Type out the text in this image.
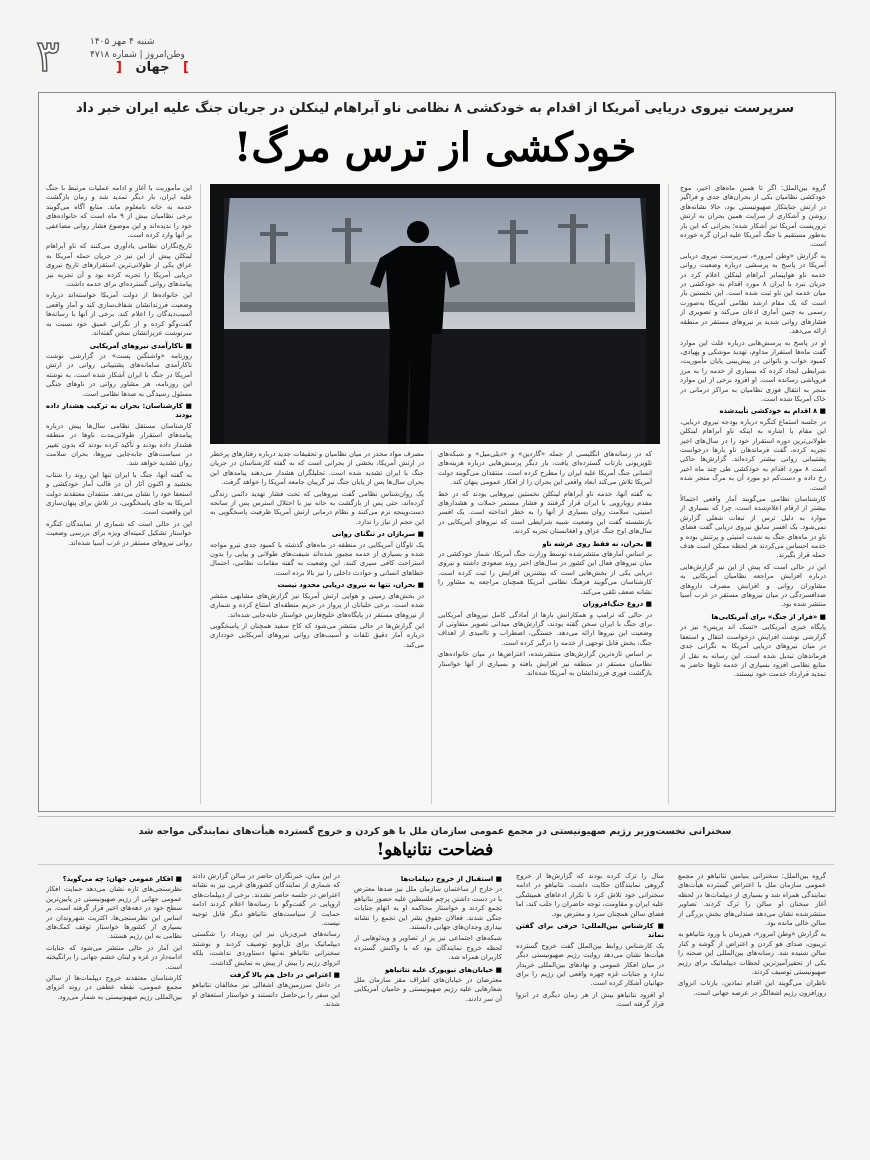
۳	شنبه ۴ مهر ۱۴۰۵
وطن‌امروز | شماره ۴۷۱۸
]   جهان   [
سرپرست نیروی دریایی آمریکا از اقدام به خودکشی ۸ نظامی ناو آبراهام لینکلن در جریان جنگ علیه ایران خبر داد
خودکشی از ترس مرگ!

گروه بین‌الملل: اگر تا همین ماه‌های اخیر، موج خودکشی نظامیان یکی از بحران‌های جدی و فراگیر در ارتش جنایتکار صهیونیستی بود، حالا نشانه‌های روشن و آشکاری از سرایت همین بحران به ارتش تروریست آمریکا نیز آشکار شده؛ بحرانی که این بار به‌طور مستقیم با جنگ آمریکا علیه ایران گره خورده است.

به گزارش «وطن امروز»، سرپرست نیروی دریایی آمریکا در پاسخ به پرسشی درباره وضعیت روانی خدمه ناو هواپیمابر آبراهام لینکلن اعلام کرد در جریان نبرد با ایران ۸ مورد اقدام به خودکشی در میان خدمه این ناو ثبت شده است. این نخستین بار است که یک مقام ارشد نظامی آمریکا به‌صورت رسمی به چنین آماری اذعان می‌کند و تصویری از فشارهای روانی شدید بر نیروهای مستقر در منطقه ارائه می‌دهد.

او در پاسخ به پرسش‌هایی درباره علت این موارد گفت ماه‌ها استقرار مداوم، تهدید موشکی و پهپادی، کمبود خواب و ناتوانی در پیش‌بینی پایان مأموریت، شرایطی ایجاد کرده که بسیاری از خدمه را به مرز فروپاشی رسانده است. او افزود برخی از این موارد منجر به انتقال فوری نظامیان به مراکز درمانی در خاک آمریکا شده است.

■ ۸ اقدام به خودکشی تأییدشده

در جلسه استماع کنگره درباره بودجه نیروی دریایی، این مقام با اشاره به اینکه ناو آبراهام لینکلن طولانی‌ترین دوره استقرار خود را در سال‌های اخیر تجربه کرده، گفت فرماندهان ناو بارها درخواست پشتیبانی روانی بیشتر کرده‌اند. گزارش‌ها حاکی است ۸ مورد اقدام به خودکشی طی چند ماه اخیر رخ داده و دست‌کم دو مورد آن به مرگ منجر شده است.

کارشناسان نظامی می‌گویند آمار واقعی احتمالاً بیشتر از ارقام اعلام‌شده است، چرا که بسیاری از موارد به دلیل ترس از تبعات شغلی گزارش نمی‌شود. یک افسر سابق نیروی دریایی گفت فضای ناو در ماه‌های جنگ به شدت امنیتی و پرتنش بوده و خدمه احساس می‌کردند هر لحظه ممکن است هدف حمله قرار بگیرند.

این در حالی است که پیش از این نیز گزارش‌هایی درباره افزایش مراجعه نظامیان آمریکایی به مشاوران روانی و افزایش مصرف داروهای ضدافسردگی در میان نیروهای مستقر در غرب آسیا منتشر شده بود.

■ «فرار از جنگ» برای آمریکایی‌ها

پایگاه خبری آمریکایی «تسک اند پرپس» نیز در گزارشی نوشت افزایش درخواست انتقال و استعفا در میان نیروهای دریایی آمریکا به نگرانی جدی فرماندهان تبدیل شده است. این رسانه به نقل از منابع نظامی افزود بسیاری از خدمه ناوها حاضر به تمدید قرارداد خدمت خود نیستند.

این مأموریت با آغاز و ادامه عملیات مرتبط با جنگ علیه ایران، بار دیگر تمدید شد و زمان بازگشت خدمه به خانه نامعلوم ماند. منابع آگاه می‌گویند برخی نظامیان بیش از ۹ ماه است که خانواده‌های خود را ندیده‌اند و این موضوع فشار روانی مضاعفی بر آنها وارد کرده است.

تاریخ‌نگاران نظامی یادآوری می‌کنند که ناو آبراهام لینکلن پیش از این نیز در جریان حمله آمریکا به عراق یکی از طولانی‌ترین استقرارهای تاریخ نیروی دریایی آمریکا را تجربه کرده بود و آن تجربه نیز پیامدهای روانی گسترده‌ای برای خدمه داشت.

این خانواده‌ها از دولت آمریکا خواسته‌اند درباره وضعیت فرزندانشان شفاف‌سازی کند و آمار واقعی آسیب‌دیدگان را اعلام کند. برخی از آنها با رسانه‌ها گفت‌وگو کرده و از نگرانی عمیق خود نسبت به سرنوشت عزیزانشان سخن گفته‌اند.

■ ناکارآمدی نیروهای آمریکایی

روزنامه «واشنگتن پست» در گزارشی نوشت ناکارآمدی سامانه‌های پشتیبانی روانی در ارتش آمریکا در جنگ با ایران آشکار شده است. به نوشته این روزنامه، هر مشاور روانی در ناوهای جنگی مسئول رسیدگی به صدها نظامی است.

■ کارشناسان: بحران به ترکیب هشدار داده بودند

کارشناسان مستقل نظامی سال‌ها پیش درباره پیامدهای استقرار طولانی‌مدت ناوها در منطقه هشدار داده بودند و تأکید کرده بودند که بدون تغییر در سیاست‌های جابه‌جایی نیروها، بحران سلامت روان تشدید خواهد شد.

به گفته آنها، جنگ با ایران تنها این روند را شتاب بخشید و اکنون آثار آن در قالب آمار خودکشی و استعفا خود را نشان می‌دهد. منتقدان معتقدند دولت آمریکا به جای پاسخگویی، در تلاش برای پنهان‌سازی این واقعیت است.

این در حالی است که شماری از نمایندگان کنگره خواستار تشکیل کمیته‌ای ویژه برای بررسی وضعیت روانی نیروهای مستقر در غرب آسیا شده‌اند.

که در رسانه‌های انگلیسی از جمله «گاردین» و «دیلی‌میل» و شبکه‌های تلویزیونی بازتاب گسترده‌ای یافت، بار دیگر پرسش‌هایی درباره هزینه‌های انسانی جنگ آمریکا علیه ایران را مطرح کرده است. منتقدان می‌گویند دولت آمریکا تلاش می‌کند ابعاد واقعی این بحران را از افکار عمومی پنهان کند.

به گفته آنها، خدمه ناو آبراهام لینکلن نخستین نیروهایی بودند که در خط مقدم رویارویی با ایران قرار گرفتند و فشار مستمر حملات و هشدارهای امنیتی، سلامت روان بسیاری از آنها را به خطر انداخته است. یک افسر بازنشسته گفت این وضعیت شبیه شرایطی است که نیروهای آمریکایی در سال‌های اوج جنگ عراق و افغانستان تجربه کردند.

■ بحران، نه فقط روی عرشه ناو

بر اساس آمارهای منتشرشده توسط وزارت جنگ آمریکا، شمار خودکشی در میان نیروهای فعال این کشور در سال‌های اخیر روند صعودی داشته و نیروی دریایی یکی از بخش‌هایی است که بیشترین افزایش را ثبت کرده است. کارشناسان می‌گویند فرهنگ نظامی آمریکا همچنان مراجعه به مشاور را نشانه ضعف تلقی می‌کند.

■ دروغ جنگ‌افروزان

در حالی که ترامپ و همکارانش بارها از آمادگی کامل نیروهای آمریکایی برای جنگ با ایران سخن گفته بودند، گزارش‌های میدانی تصویر متفاوتی از وضعیت این نیروها ارائه می‌دهد. خستگی، اضطراب و ناامیدی از اهداف جنگ، بخش قابل توجهی از خدمه را درگیر کرده است.

بر اساس تازه‌ترین گزارش‌های منتشرشده، اعتراض‌ها در میان خانواده‌های نظامیان مستقر در منطقه نیز افزایش یافته و بسیاری از آنها خواستار بازگشت فوری فرزندانشان به آمریکا شده‌اند.

مصرف مواد مخدر در میان نظامیان و تحقیقات جدید درباره رفتارهای پرخطر در ارتش آمریکا، بخشی از بحرانی است که به گفته کارشناسان در جریان جنگ با ایران تشدید شده است. تحلیلگران هشدار می‌دهند پیامدهای این بحران سال‌ها پس از پایان جنگ نیز گریبان جامعه آمریکا را خواهد گرفت.

یک روان‌شناس نظامی گفت نیروهایی که تحت فشار تهدید دائمی زندگی کرده‌اند، حتی پس از بازگشت به خانه نیز با اختلال استرس پس از سانحه دست‌وپنجه نرم می‌کنند و نظام درمانی ارتش آمریکا ظرفیت پاسخگویی به این حجم از نیاز را ندارد.

■ سربازان در تنگنای روانی

یک ناوگان آمریکایی در منطقه در ماه‌های گذشته با کمبود جدی نیرو مواجه شده و بسیاری از خدمه مجبور شده‌اند شیفت‌های طولانی و پیاپی را بدون استراحت کافی سپری کنند. این وضعیت به گفته مقامات نظامی، احتمال خطاهای انسانی و حوادث داخلی را نیز بالا برده است.

■ بحران، تنها به نیروی دریایی محدود نیست

در بخش‌های زمینی و هوایی ارتش آمریکا نیز گزارش‌های مشابهی منتشر شده است. برخی خلبانان از پرواز در حریم منطقه‌ای امتناع کرده و شماری از نیروهای مستقر در پایگاه‌های خلیج‌فارس خواستار جابه‌جایی شده‌اند.

این گزارش‌ها در حالی منتشر می‌شود که کاخ سفید همچنان از پاسخگویی درباره آمار دقیق تلفات و آسیب‌های روانی نیروهای آمریکایی خودداری می‌کند.

سخنرانی نخست‌وزیر رژیم صهیونیستی در مجمع عمومی سازمان ملل با هو کردن و خروج گسترده هیأت‌های نمایندگی مواجه شد
فضاحت نتانیاهو!

گروه بین‌الملل: سخنرانی بنیامین نتانیاهو در مجمع عمومی سازمان ملل با اعتراض گسترده هیأت‌های نمایندگی همراه شد و بسیاری از دیپلمات‌ها در لحظه آغاز سخنان او سالن را ترک کردند. تصاویر منتشرشده نشان می‌دهد صندلی‌های بخش بزرگی از سالن خالی مانده بود.

به گزارش «وطن امروز»، هم‌زمان با ورود نتانیاهو به تریبون، صدای هو کردن و اعتراض از گوشه و کنار سالن شنیده شد. رسانه‌های بین‌المللی این صحنه را یکی از تحقیرآمیزترین لحظات دیپلماتیک برای رژیم صهیونیستی توصیف کردند.

ناظران می‌گویند این اقدام نمادین، بازتاب انزوای روزافزون رژیم اشغالگر در عرصه جهانی است.

سال را ترک کرده بودند که گزارش‌ها از خروج گروهی نمایندگان حکایت داشت. نتانیاهو در ادامه سخنرانی خود تلاش کرد با تکرار ادعاهای همیشگی علیه ایران و مقاومت، توجه حاضران را جلب کند، اما فضای سالن همچنان سرد و معترض بود.

■ کارشناس بین‌المللی: حرفی برای گفتن نماند

یک کارشناس روابط بین‌الملل گفت خروج گسترده هیأت‌ها نشان می‌دهد روایت رژیم صهیونیستی دیگر در میان افکار عمومی و نهادهای بین‌المللی خریدار ندارد و جنایات غزه چهره واقعی این رژیم را برای جهانیان آشکار کرده است.

او افزود نتانیاهو بیش از هر زمان دیگری در انزوا قرار گرفته است.

■ استقبال از خروج دیپلمات‌ها

در خارج از ساختمان سازمان ملل نیز صدها معترض با در دست داشتن پرچم فلسطین علیه حضور نتانیاهو تجمع کردند و خواستار محاکمه او به اتهام جنایات جنگی شدند. فعالان حقوق بشر این تجمع را نشانه بیداری وجدان‌های جهانی دانستند.

شبکه‌های اجتماعی نیز پر از تصاویر و ویدئوهایی از لحظه خروج نمایندگان بود که با واکنش گسترده کاربران همراه شد.

■ خیابان‌های نیویورک علیه نتانیاهو

معترضان در خیابان‌های اطراف مقر سازمان ملل شعارهایی علیه رژیم صهیونیستی و حامیان آمریکایی آن سر دادند.

در این میان، خبرنگاران حاضر در سالن گزارش دادند که شماری از نمایندگان کشورهای غربی نیز به نشانه اعتراض در جلسه حاضر نشدند. برخی از دیپلمات‌های اروپایی در گفت‌وگو با رسانه‌ها اعلام کردند ادامه حمایت از سیاست‌های نتانیاهو دیگر قابل توجیه نیست.

رسانه‌های عبری‌زبان نیز این رویداد را شکستی دیپلماتیک برای تل‌آویو توصیف کردند و نوشتند سخنرانی نتانیاهو نه‌تنها دستاوردی نداشت، بلکه انزوای رژیم را بیش از پیش به نمایش گذاشت.

■ اعتراض در داخل هم بالا گرفت

در داخل سرزمین‌های اشغالی نیز مخالفان نتانیاهو این سفر را بی‌حاصل دانستند و خواستار استعفای او شدند.

■ افکار عمومی جهان: چه می‌گوید؟

نظرسنجی‌های تازه نشان می‌دهد حمایت افکار عمومی جهانی از رژیم صهیونیستی در پایین‌ترین سطح خود در دهه‌های اخیر قرار گرفته است. بر اساس این نظرسنجی‌ها، اکثریت شهروندان در بسیاری از کشورها خواستار توقف کمک‌های نظامی به این رژیم هستند.

این آمار در حالی منتشر می‌شود که جنایات ادامه‌دار در غزه و لبنان خشم جهانی را برانگیخته است.

کارشناسان معتقدند خروج دیپلمات‌ها از سالن مجمع عمومی، نقطه عطفی در روند انزوای بین‌المللی رژیم صهیونیستی به شمار می‌رود.
